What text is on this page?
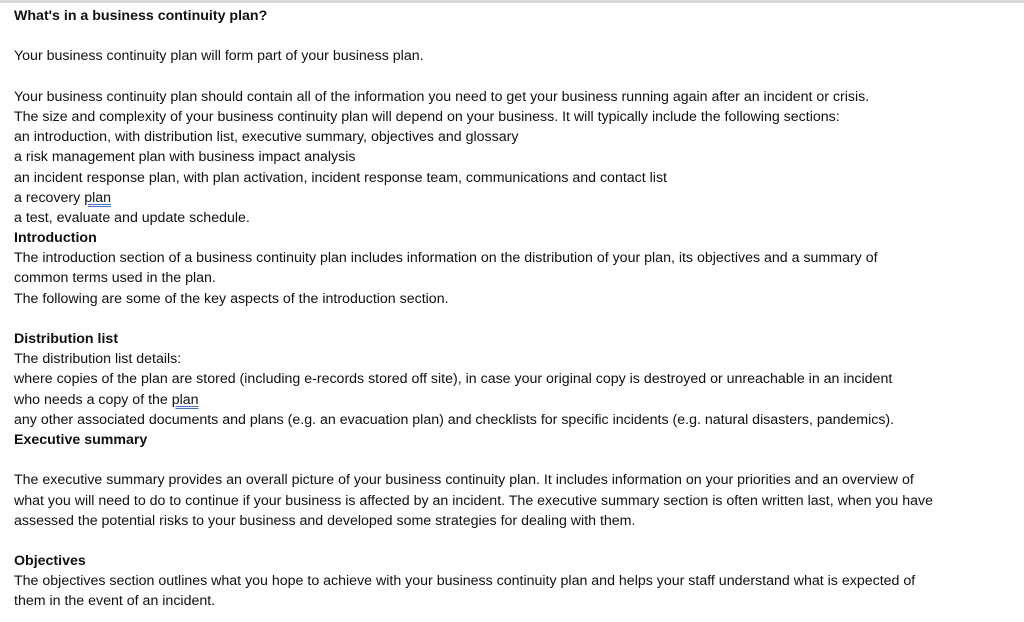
What's in a business continuity plan?
Your business continuity plan will form part of your business plan.
Your business continuity plan should contain all of the information you need to get your business running again after an incident or crisis.
The size and complexity of your business continuity plan will depend on your business. It will typically include the following sections:
an introduction, with distribution list, executive summary, objectives and glossary
a risk management plan with business impact analysis
an incident response plan, with plan activation, incident response team, communications and contact list
a recovery plan
a test, evaluate and update schedule.
Introduction
The introduction section of a business continuity plan includes information on the distribution of your plan, its objectives and a summary of
common terms used in the plan.
The following are some of the key aspects of the introduction section.
Distribution list
The distribution list details:
where copies of the plan are stored (including e-records stored off site), in case your original copy is destroyed or unreachable in an incident
who needs a copy of the plan
any other associated documents and plans (e.g. an evacuation plan) and checklists for specific incidents (e.g. natural disasters, pandemics).
Executive summary
The executive summary provides an overall picture of your business continuity plan. It includes information on your priorities and an overview of
what you will need to do to continue if your business is affected by an incident. The executive summary section is often written last, when you have
assessed the potential risks to your business and developed some strategies for dealing with them.
Objectives
The objectives section outlines what you hope to achieve with your business continuity plan and helps your staff understand what is expected of
them in the event of an incident.
